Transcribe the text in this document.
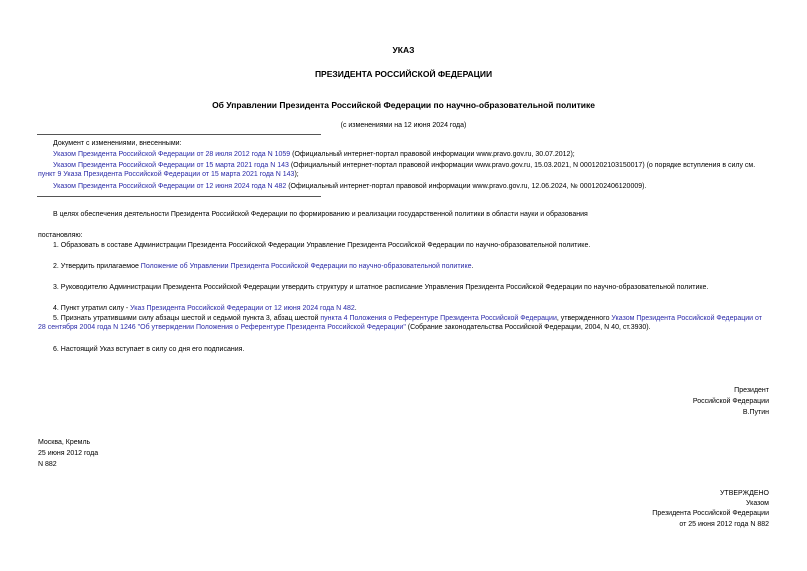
УКАЗ
ПРЕЗИДЕНТА РОССИЙСКОЙ ФЕДЕРАЦИИ
Об Управлении Президента Российской Федерации по научно-образовательной политике
(с изменениями на 12 июня 2024 года)
Документ с изменениями, внесенными:
Указом Президента Российской Федерации от 28 июля 2012 года N 1059 (Официальный интернет-портал правовой информации www.pravo.gov.ru, 30.07.2012);
Указом Президента Российской Федерации от 15 марта 2021 года N 143 (Официальный интернет-портал правовой информации www.pravo.gov.ru, 15.03.2021, N 0001202103150017) (о порядке вступления в силу см. пункт 9 Указа Президента Российской Федерации от 15 марта 2021 года N 143);
Указом Президента Российской Федерации от 12 июня 2024 года N 482 (Официальный интернет-портал правовой информации www.pravo.gov.ru, 12.06.2024, № 0001202406120009).
В целях обеспечения деятельности Президента Российской Федерации по формированию и реализации государственной политики в области науки и образования
постановляю:
1. Образовать в составе Администрации Президента Российской Федерации Управление Президента Российской Федерации по научно-образовательной политике.
2. Утвердить прилагаемое Положение об Управлении Президента Российской Федерации по научно-образовательной политике.
3. Руководителю Администрации Президента Российской Федерации утвердить структуру и штатное расписание Управления Президента Российской Федерации по научно-образовательной политике.
4. Пункт утратил силу - Указ Президента Российской Федерации от 12 июня 2024 года N 482.
5. Признать утратившими силу абзацы шестой и седьмой пункта 3, абзац шестой пункта 4 Положения о Референтуре Президента Российской Федерации, утвержденного Указом Президента Российской Федерации от 28 сентября 2004 года N 1246 "Об утверждении Положения о Референтуре Президента Российской Федерации" (Собрание законодательства Российской Федерации, 2004, N 40, ст.3930).
6. Настоящий Указ вступает в силу со дня его подписания.
Президент
Российской Федерации
В.Путин
Москва, Кремль
25 июня 2012 года
N 882
УТВЕРЖДЕНО
Указом
Президента Российской Федерации
от 25 июня 2012 года N 882
